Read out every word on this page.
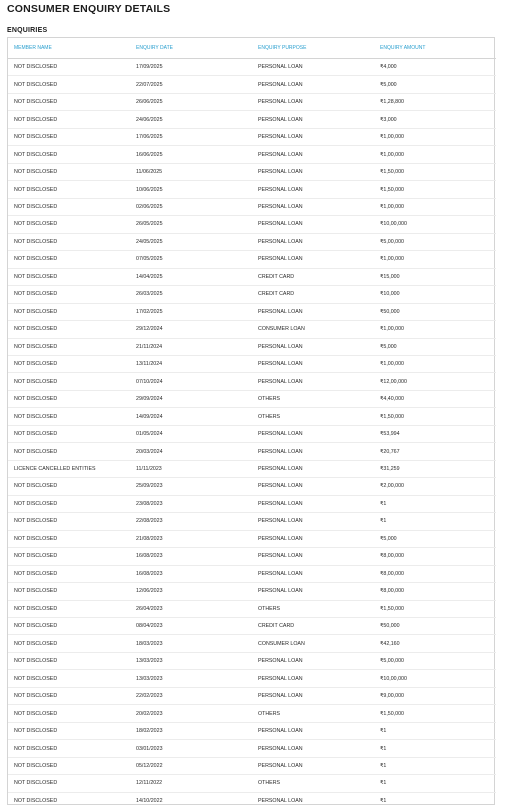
CONSUMER ENQUIRY DETAILS
ENQUIRIES
MEMBER NAME	ENQUIRY DATE	ENQUIRY PURPOSE	ENQUIRY AMOUNT
NOT DISCLOSED	17/09/2025	PERSONAL LOAN	₹4,000
NOT DISCLOSED	22/07/2025	PERSONAL LOAN	₹5,000
NOT DISCLOSED	26/06/2025	PERSONAL LOAN	₹1,28,800
NOT DISCLOSED	24/06/2025	PERSONAL LOAN	₹3,000
NOT DISCLOSED	17/06/2025	PERSONAL LOAN	₹1,00,000
NOT DISCLOSED	16/06/2025	PERSONAL LOAN	₹1,00,000
NOT DISCLOSED	11/06/2025	PERSONAL LOAN	₹1,50,000
NOT DISCLOSED	10/06/2025	PERSONAL LOAN	₹1,50,000
NOT DISCLOSED	02/06/2025	PERSONAL LOAN	₹1,00,000
NOT DISCLOSED	26/05/2025	PERSONAL LOAN	₹10,00,000
NOT DISCLOSED	24/05/2025	PERSONAL LOAN	₹5,00,000
NOT DISCLOSED	07/05/2025	PERSONAL LOAN	₹1,00,000
NOT DISCLOSED	14/04/2025	CREDIT CARD	₹15,000
NOT DISCLOSED	26/03/2025	CREDIT CARD	₹10,000
NOT DISCLOSED	17/02/2025	PERSONAL LOAN	₹50,000
NOT DISCLOSED	29/12/2024	CONSUMER LOAN	₹1,00,000
NOT DISCLOSED	21/11/2024	PERSONAL LOAN	₹5,000
NOT DISCLOSED	13/11/2024	PERSONAL LOAN	₹1,00,000
NOT DISCLOSED	07/10/2024	PERSONAL LOAN	₹12,00,000
NOT DISCLOSED	29/09/2024	OTHERS	₹4,40,000
NOT DISCLOSED	14/09/2024	OTHERS	₹1,50,000
NOT DISCLOSED	01/05/2024	PERSONAL LOAN	₹53,994
NOT DISCLOSED	20/03/2024	PERSONAL LOAN	₹20,767
LICENCE CANCELLED ENTITIES	11/11/2023	PERSONAL LOAN	₹31,259
NOT DISCLOSED	25/09/2023	PERSONAL LOAN	₹2,00,000
NOT DISCLOSED	23/08/2023	PERSONAL LOAN	₹1
NOT DISCLOSED	22/08/2023	PERSONAL LOAN	₹1
NOT DISCLOSED	21/08/2023	PERSONAL LOAN	₹5,000
NOT DISCLOSED	16/08/2023	PERSONAL LOAN	₹8,00,000
NOT DISCLOSED	16/08/2023	PERSONAL LOAN	₹8,00,000
NOT DISCLOSED	12/06/2023	PERSONAL LOAN	₹8,00,000
NOT DISCLOSED	26/04/2023	OTHERS	₹1,50,000
NOT DISCLOSED	08/04/2023	CREDIT CARD	₹50,000
NOT DISCLOSED	18/03/2023	CONSUMER LOAN	₹42,160
NOT DISCLOSED	13/03/2023	PERSONAL LOAN	₹5,00,000
NOT DISCLOSED	13/03/2023	PERSONAL LOAN	₹10,00,000
NOT DISCLOSED	22/02/2023	PERSONAL LOAN	₹9,00,000
NOT DISCLOSED	20/02/2023	OTHERS	₹1,50,000
NOT DISCLOSED	18/02/2023	PERSONAL LOAN	₹1
NOT DISCLOSED	03/01/2023	PERSONAL LOAN	₹1
NOT DISCLOSED	05/12/2022	PERSONAL LOAN	₹1
NOT DISCLOSED	12/11/2022	OTHERS	₹1
NOT DISCLOSED	14/10/2022	PERSONAL LOAN	₹1
